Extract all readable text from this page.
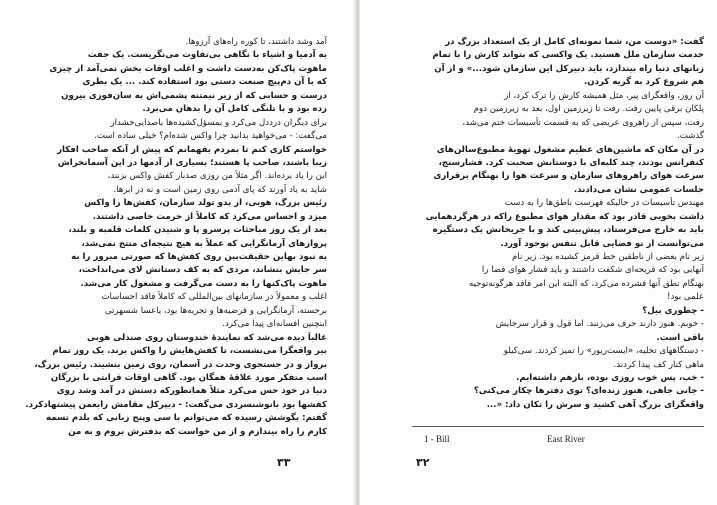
آمد وشد داشتند، تا کوره راه‌های آرزو‌ها.
به آدمیا و اشیاء با نگاهی بی‌تفاوت می‌نگریست. یک جفت
ماهوت پاک‌کن به‌دست داشت و اغلب اوقات بخش نمی‌آمد از چیزی
که با آن دم‌پیچ صنعت دستی بود استفاده کند. ... یک بطری
درست و حسابی که از زیر نیمتنه پشمی‌اش به سان‌فوزی بیرون
زده بود و با تلنگی کامل آن را بدهان می‌برد.
برای دیگران درددل می‌کرد و بمسؤل‌کشیده‌ها باصدایی‌خشدار
می‌گفت: - می‌خواهید بدانید چرا واکس شده‌ام؟ خیلی ساده است.
خواستم کاری کنم تا بمردم بفهمانم که پیش از آنکه صاحب افکار
زیبا باشند، صاحب پا هستند؛ بسیاری از آدمها در این آسمانخراش
این را یاد برده‌اند. اگر مثلاً من روزی صدبار کفش واکس بزنند،
شاید به یاد آورند که پای آدمی روی زمین است و نه در ابرها.
رئیس بزرگ، هوبی، از بدو تولد سازمان، کفش‌ها را واکس
میزد و احساس می‌کرد که کاملاً از حرمت خاصی داشتند.
بعد از یک روز مباحثات پرسرو پا و شنیدن کلمات قلمبه و بلند،
پروازهای آرمانگرایی که عملاً به هیچ نتیجه‌ای منتج نمی‌شد،
به نبود بهاین حقیقت‌بین روی کفش‌ها که صورتی مبرور را به
سر جایش بنشاند، مردی که به کف دستانش لای می‌انداخت،
ماهوت پاک‌کنها را به دست می‌گرفت و مشغول کار می‌شد.
اغلب و معمولاً در سازمانهای بین‌المللی که کاملاً فاقد احساسات
برجسته، آرمانگرایی و فرضیه‌ها و تجربه‌ها بود، یاعسا شسهرتی
اینچنین افسانه‌ای پیدا می‌کرد.
غالباً دیده می‌شد که نمایندهٔ خندوستان روی صندلی هوبی
بیر واقعگرا می‌نشست، تا کفش‌هایش را واکس بزند. یک روز تمام
برواز و در جستجوی وحدت در آسمان، روی زمین بنشیند. رئیس بزرگ،
اسب متفکر مورد علاقهٔ همگان بود. گاهی اوقات قرابتی با بزرگان
دنیا در خود حس می‌کرد مثلاً همانطورکه دستش در آمد وشد روی
کفشها بود بانوشنسردی می‌گفت: - دیپرکل مقامش رابعمن پیشنهادکرد.
گفتم: بگوشش رسیده که می‌توانم با سی وپنج زبانی که بلدم تسمه
کارم را راه بیندازم و از من خواست که بدفترش بروم و به من
۳۳
گفت: «دوست من، شما نمونه‌ای کامل از یک استعداد بزرگ در
خدمت سازمان ملل هستید. یک واکسی که بتواند کارش را با تمام
زبانهای دنیا راه بیندازد، باید دبیرکل این سازمان شود...» و از آن
هم شروع کرد به گریه کردن.
آن روز، واقعگرای پیر، مثل همیشه کارش را ترک کرد، از
پلکان برقی پایین رفت. رفت تا زیرزمین اول، بعد به زیرزمین دوم
رفت، سپس از راهروی عریضی که به قسمت تأسیسات ختم می‌شد،
گذشت.
در آن مکان که ماشین‌های عظیم مشغول تهویهٔ مطبوع‌سالن‌های
کنفرانس بودند، چند کلبه‌ای با دوستانش صحبت کرد. فشارسنج،
سرعت هوای راهروهای سازمان و سرعت هوا را بهنگام برقراری
جلسات عمومی نشان می‌دادند.
مهندس تأسیسات در حالیکه فهرست ناطق‌ها را به دست
داشت بخوبی قادر بود که مقدار هوای مطبوع راکه در هرگردهمایی
باید به خارج می‌فرستاد، پیش‌بینی کند و با جریحانش یک دستگیره
می‌توانست از نو فضایی قابل تنفس بوجود آورد.
زیر نام بعضی از ناطقین خط قرمز کشیده بود. زیر نام
آنهایی بود که قریحه‌ای شکفت داشتند و باید فشار هوای فضا را
بهنگام نطق آنها فشرده می‌کرد، که البته این امر فاقد هرگونه‌توجیه
علمی بود!
- چطوری بیل؟
- خوبم. هنوز دارند حرف می‌زنند. اما قول و قرار سرجایش
باقی است.
- دستگاههای تخلیه، «ایست‌ریور» را تمیز کردند. سی‌کیلو
ماهی کنار کف پیدا کردند.
- خب، پس خوب روزی بوده، بازهم داشته‌ایم.
- جانی جاهی، هنوز زنده‌ای؟ توی دفترها چکار می‌کنی؟
واقعگرای بزرگ آهی کشید و سرش را تکان داد: «...
1 - Bill	East River
۳۲
